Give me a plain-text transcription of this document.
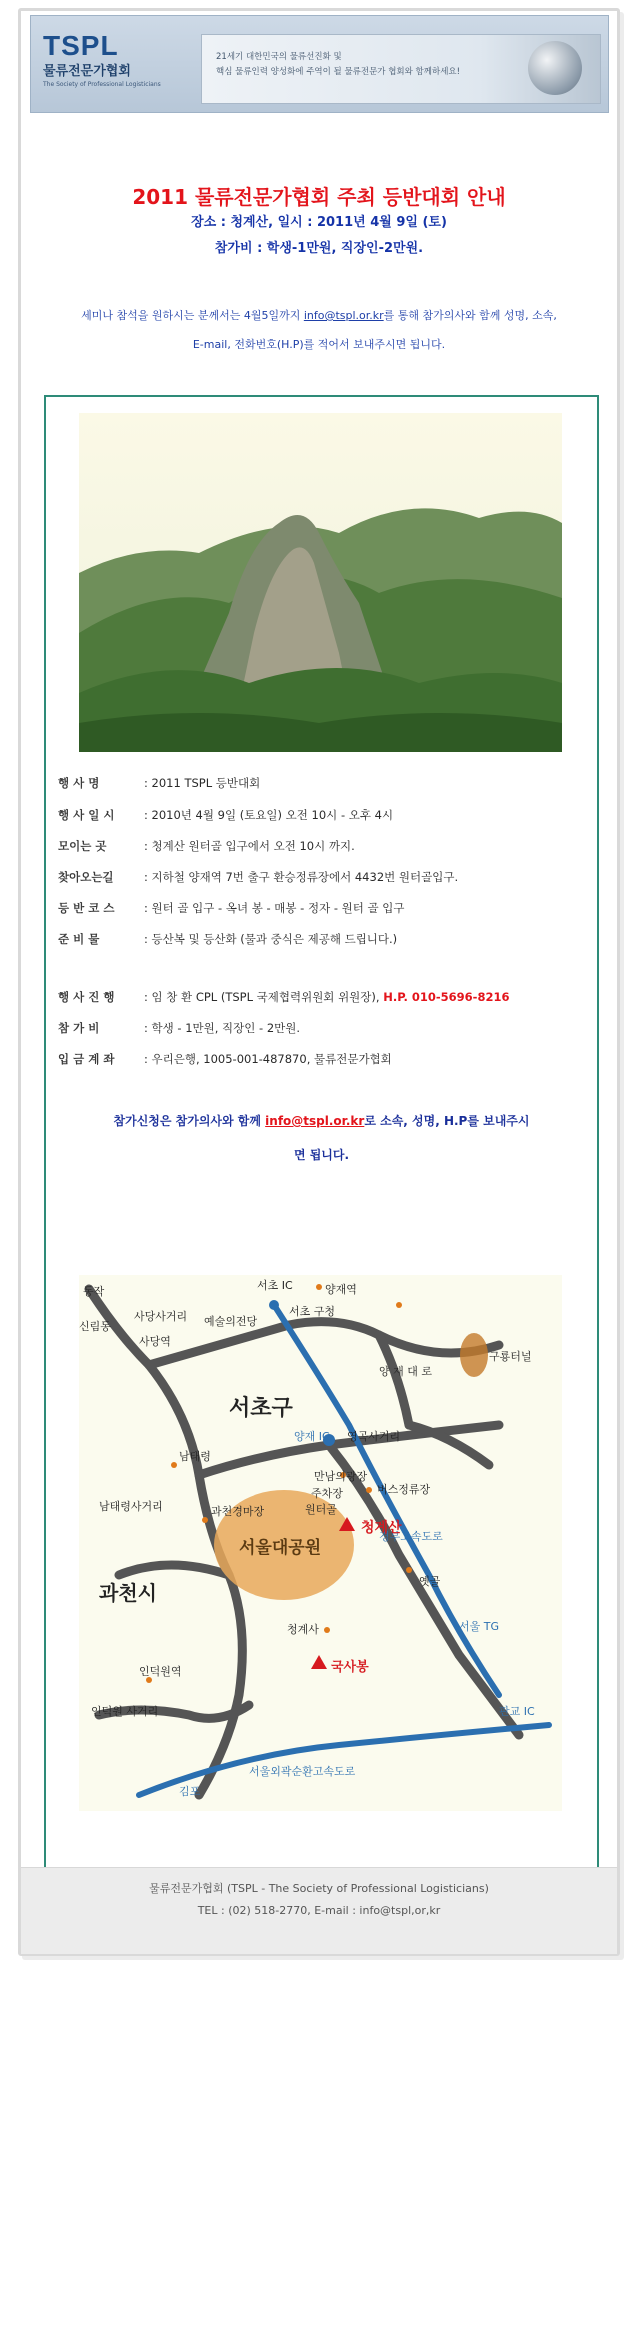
TSPL
물류전문가협회
The Society of Professional Logisticians
21세기 대한민국의 물류선진화 및
핵심 물류인력 양성화에 주역이 될 물류전문가 협회와 함께하세요!
2011 물류전문가협회 주최 등반대회 안내
장소 : 청계산, 일시 : 2011년 4월 9일 (토)
참가비 : 학생-1만원, 직장인-2만원.
세미나 참석을 원하시는 분께서는 4월5일까지 info@tspl.or.kr를 통해 참가의사와 함께 성명, 소속,
E-mail, 전화번호(H.P)를 적어서 보내주시면 됩니다.
행 사 명	: 2011 TSPL 등반대회
행 사 일 시	: 2010년 4월 9일 (토요일) 오전 10시 - 오후 4시
모이는 곳	: 청계산 원터골 입구에서 오전 10시 까지.
찾아오는길	: 지하철 양재역 7번 출구 환승정류장에서 4432번 원터골입구.
등 반 코 스	: 원터 골 입구 - 옥녀 봉 - 매봉 - 정자 - 원터 골 입구
준 비 물	: 등산복 및 등산화 (물과 중식은 제공해 드립니다.)
행 사 진 행	: 임 창 환 CPL (TSPL 국제협력위원회 위원장), H.P. 010-5696-8216
참 가 비	: 학생 - 1만원, 직장인 - 2만원.
입 금 계 좌	: 우리은행, 1005-001-487870, 물류전문가협회
참가신청은 참가의사와 함께 info@tspl.or.kr로 소속, 성명, H.P를 보내주시
면 됩니다.
서초 IC	양재역
서초 구청
동작
사당사거리
사당역
신림동	예술의전당
남태령
양재 IC 영곡사거리
구룡터널
양 재 대 로
남태령사거리	과천경마장
만남의광장
주차장
원터골
버스정류장
경부고속도로
옛골
서울 TG
청계사
인덕원역
인덕원 사거리	판교 IC
서울외곽순환고속도로
김포
서초구
과천시
서울대공원
청계산
국사봉
물류전문가협회 (TSPL - The Society of Professional Logisticians)
TEL : (02) 518-2770, E-mail : info@tspl,or,kr
